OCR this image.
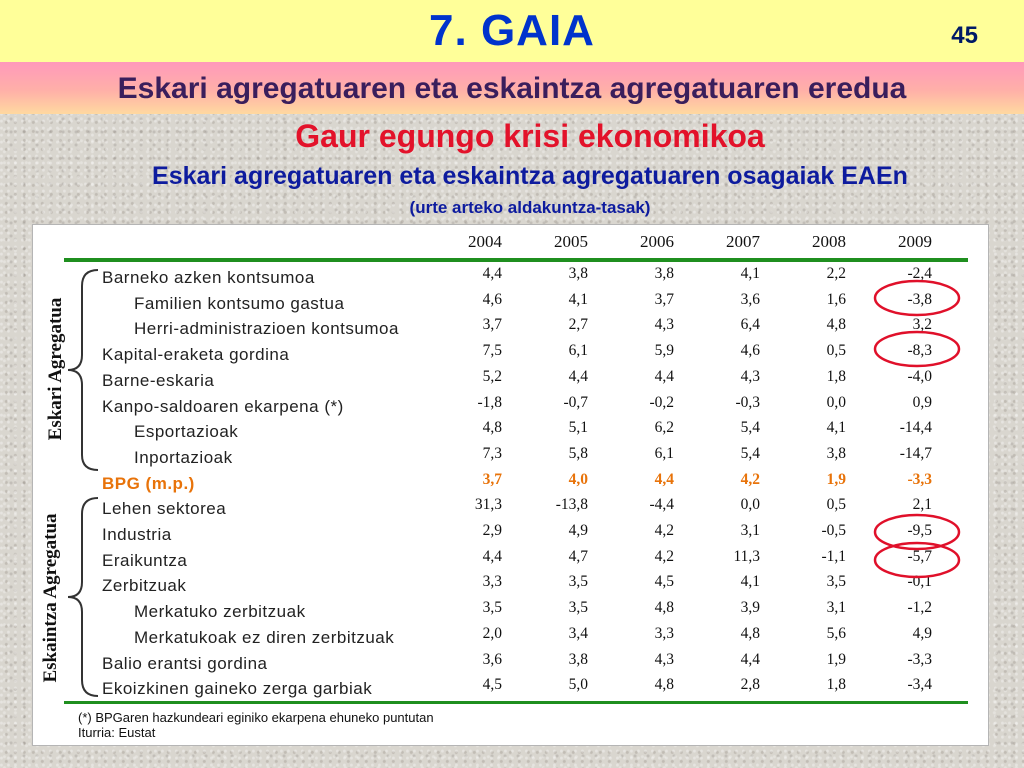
7. GAIA	45
Eskari agregatuaren eta eskaintza agregatuaren eredua
Gaur egungo krisi ekonomikoa
Eskari agregatuaren eta eskaintza agregatuaren osagaiak EAEn
(urte arteko aldakuntza-tasak)
2004	2005	2006	2007	2008	2009
Eskari Agregatua
Eskaintza Agregatua
Barneko azken kontsumoa	4,4	3,8	3,8	4,1	2,2	-2,4
Familien kontsumo gastua	4,6	4,1	3,7	3,6	1,6	-3,8
Herri-administrazioen kontsumoa	3,7	2,7	4,3	6,4	4,8	3,2
Kapital-eraketa gordina	7,5	6,1	5,9	4,6	0,5	-8,3
Barne-eskaria	5,2	4,4	4,4	4,3	1,8	-4,0
Kanpo-saldoaren ekarpena (*)	-1,8	-0,7	-0,2	-0,3	0,0	0,9
Esportazioak	4,8	5,1	6,2	5,4	4,1	-14,4
Inportazioak	7,3	5,8	6,1	5,4	3,8	-14,7
BPG (m.p.)	3,7	4,0	4,4	4,2	1,9	-3,3
Lehen sektorea	31,3	-13,8	-4,4	0,0	0,5	2,1
Industria	2,9	4,9	4,2	3,1	-0,5	-9,5
Eraikuntza	4,4	4,7	4,2	11,3	-1,1	-5,7
Zerbitzuak	3,3	3,5	4,5	4,1	3,5	-0,1
Merkatuko zerbitzuak	3,5	3,5	4,8	3,9	3,1	-1,2
Merkatukoak ez diren zerbitzuak	2,0	3,4	3,3	4,8	5,6	4,9
Balio erantsi gordina	3,6	3,8	4,3	4,4	1,9	-3,3
Ekoizkinen gaineko zerga garbiak	4,5	5,0	4,8	2,8	1,8	-3,4
(*) BPGaren hazkundeari eginiko ekarpena ehuneko puntutan
Iturria: Eustat
